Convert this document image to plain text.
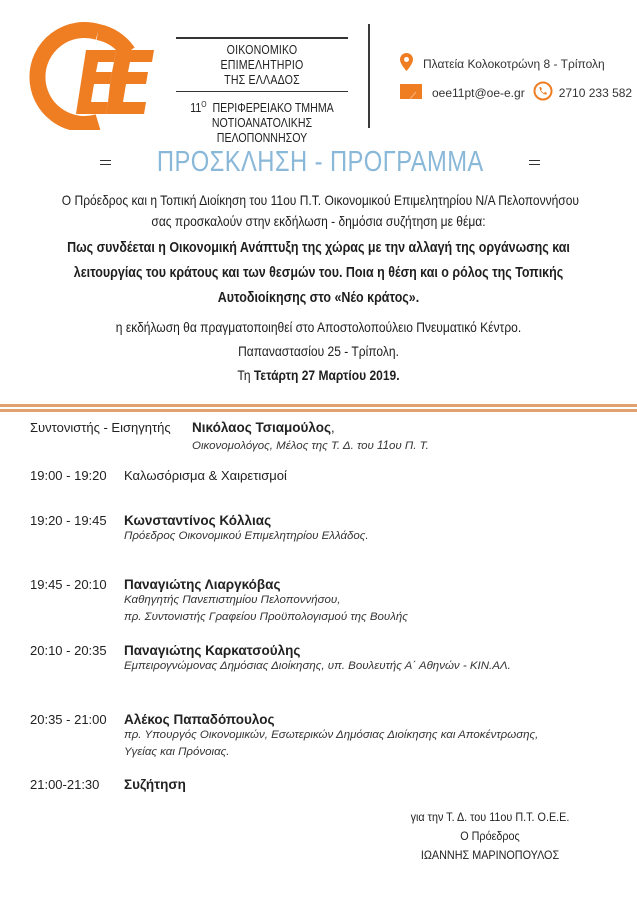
ΟΙΚΟΝΟΜΙΚΟ ΕΠΙΜΕΛΗΤΗΡΙΟ
ΤΗΣ ΕΛΛΑΔΟΣ
$11^O$ ΠΕΡΙΦΕΡΕΙΑΚΟ ΤΜΗΜΑ
ΝΟΤΙΟΑΝΑΤΟΛΙΚΗΣ ΠΕΛΟΠΟΝΝΗΣΟΥ
Πλατεία Κολοκοτρώνη 8 - Τρίπολη
oee11pt@oe-e.gr	2710 233 582
ΠΡΟΣΚΛΗΣΗ - ΠΡΟΓΡΑΜΜΑ

Ο Πρόεδρος και η Τοπική Διοίκηση του 11ου Π.Τ. Οικονομικού Επιμελητηρίου Ν/Α Πελοποννήσου

σας προσκαλούν στην εκδήλωση - δημόσια συζήτηση με θέμα:

Πως συνδέεται η Οικονομική Ανάπτυξη της χώρας με την αλλαγή της οργάνωσης και
λειτουργίας του κράτους και των θεσμών του. Ποια η θέση και ο ρόλος της Τοπικής
Αυτοδιοίκησης στο «Νέο κράτος».

η εκδήλωση θα πραγματοποιηθεί στο Αποστολοπούλειο Πνευματικό Κέντρο.
Παπαναστασίου 25 - Τρίπολη.
Τη Τετάρτη 27 Μαρτίου 2019.

Συντονιστής - Εισηγητής	Νικόλαος Τσιαμούλος,
Οικονομολόγος, Μέλος της Τ. Δ. του 11ου Π. Τ.
19:00 - 19:20	Καλωσόρισμα & Χαιρετισμοί
19:20 - 19:45	Κωνσταντίνος Κόλλιας
Πρόεδρος Οικονομικού Επιμελητηρίου Ελλάδος.
19:45 - 20:10	Παναγιώτης Λιαργκόβας
Καθηγητής Πανεπιστημίου Πελοποννήσου,
πρ. Συντονιστής Γραφείου Προϋπολογισμού της Βουλής
20:10 - 20:35	Παναγιώτης Καρκατσούλης
Εμπειρογνώμονας Δημόσιας Διοίκησης, υπ. Βουλευτής Α΄ Αθηνών - ΚΙΝ.ΑΛ.
20:35 - 21:00	Αλέκος Παπαδόπουλος
πρ. Υπουργός Οικονομικών, Εσωτερικών Δημόσιας Διοίκησης και Αποκέντρωσης,
Υγείας και Πρόνοιας.
21:00-21:30	Συζήτηση
για την Τ. Δ. του 11ου Π.Τ. Ο.Ε.Ε.
Ο Πρόεδρος
ΙΩΑΝΝΗΣ ΜΑΡΙΝΟΠΟΥΛΟΣ
